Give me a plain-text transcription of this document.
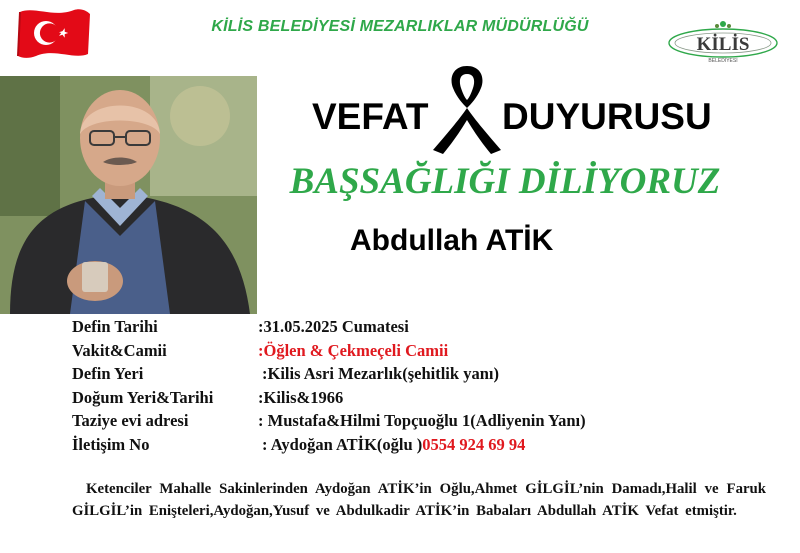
KİLİS BELEDİYESİ MEZARLIKLAR MÜDÜRLÜĞÜ
KİLİS
BELEDİYESİ
VEFAT DUYURUSU
BAŞSAĞLIĞI DİLİYORUZ
Abdullah ATİK
Defin Tarihi	:31.05.2025 Cumatesi
Vakit&Camii	:Öğlen & Çekmeçeli Camii
Defin Yeri	:Kilis Asri Mezarlık(şehitlik yanı)
Doğum Yeri&Tarihi	:Kilis&1966
Taziye evi adresi	: Mustafa&Hilmi Topçuoğlu 1(Adliyenin Yanı)
İletişim No	: Aydoğan ATİK(oğlu )0554 924 69 94
Ketenciler Mahalle Sakinlerinden Aydoğan ATİK’in Oğlu,Ahmet GİLGİL’nin Damadı,Halil ve Faruk GİLGİL’in Enişteleri,Aydoğan,Yusuf ve Abdulkadir ATİK’in Babaları Abdullah ATİK Vefat etmiştir.
